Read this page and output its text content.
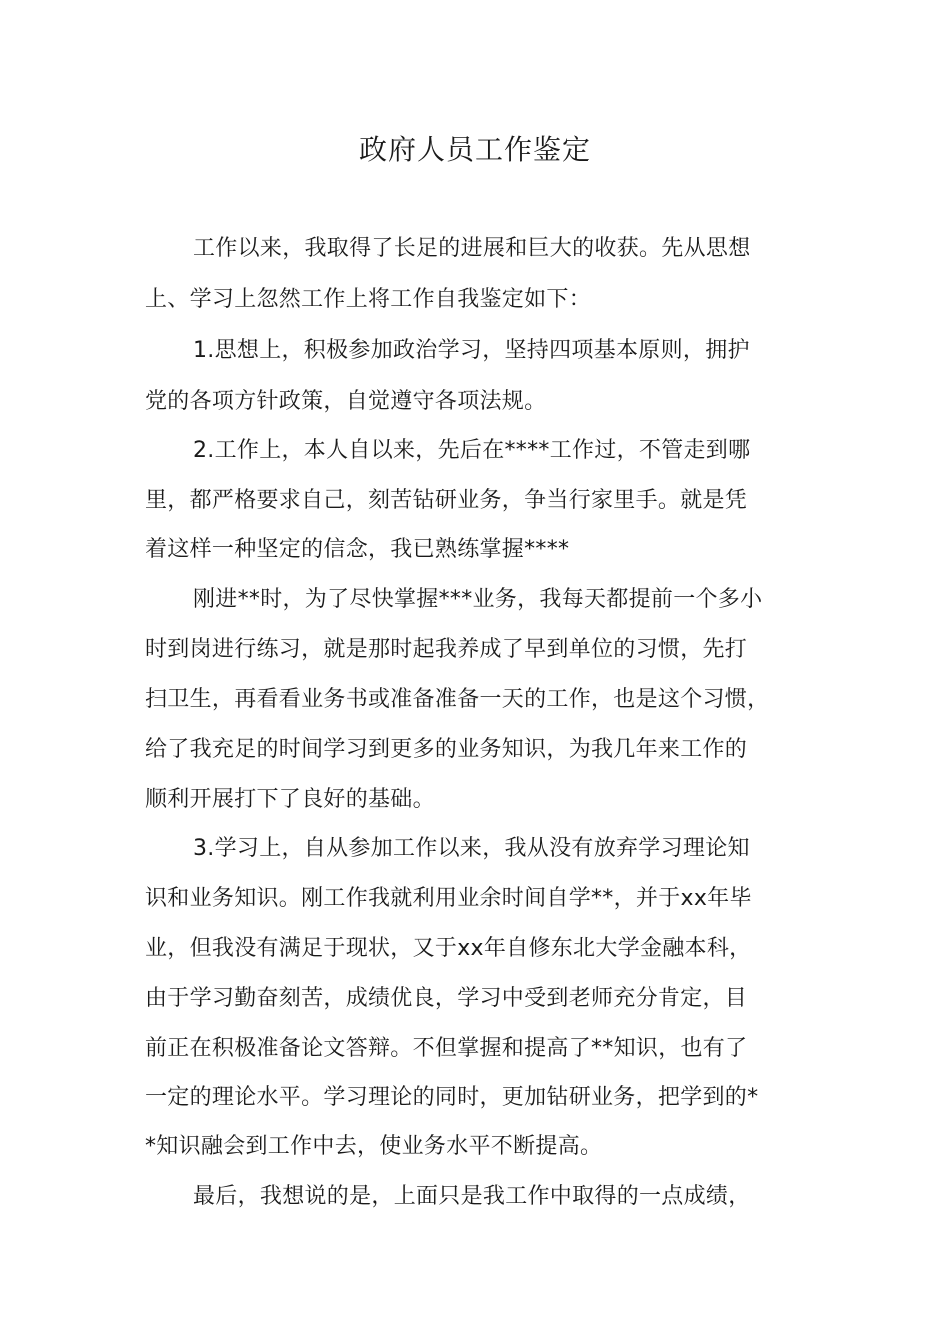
政府人员工作鉴定

工作以来，我取得了长足的进展和巨大的收获。先从思想

上、学习上忽然工作上将工作自我鉴定如下：

1.思想上，积极参加政治学习，坚持四项基本原则，拥护

党的各项方针政策，自觉遵守各项法规。

2.工作上，本人自以来，先后在****工作过，不管走到哪

里，都严格要求自己，刻苦钻研业务，争当行家里手。就是凭

着这样一种坚定的信念，我已熟练掌握****

刚进**时，为了尽快掌握***业务，我每天都提前一个多小

时到岗进行练习，就是那时起我养成了早到单位的习惯，先打

扫卫生，再看看业务书或准备准备一天的工作，也是这个习惯，

给了我充足的时间学习到更多的业务知识，为我几年来工作的

顺利开展打下了良好的基础。

3.学习上，自从参加工作以来，我从没有放弃学习理论知

识和业务知识。刚工作我就利用业余时间自学**，并于xx年毕

业，但我没有满足于现状，又于xx年自修东北大学金融本科，

由于学习勤奋刻苦，成绩优良，学习中受到老师充分肯定，目

前正在积极准备论文答辩。不但掌握和提高了**知识，也有了

一定的理论水平。学习理论的同时，更加钻研业务，把学到的*

*知识融会到工作中去，使业务水平不断提高。

最后，我想说的是，上面只是我工作中取得的一点成绩，
